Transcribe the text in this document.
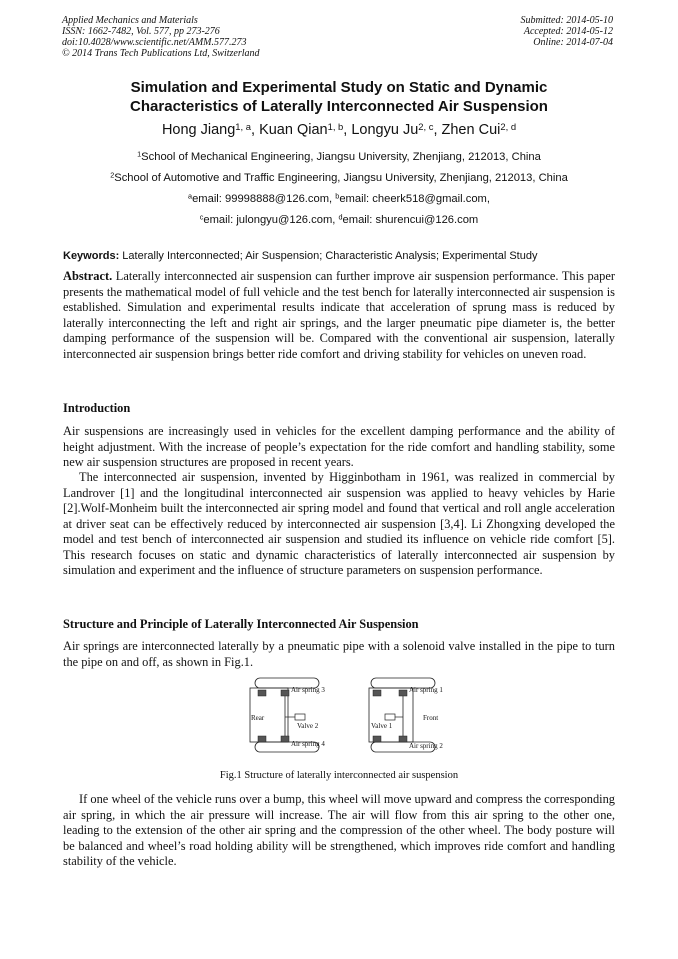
Applied Mechanics and Materials
ISSN: 1662-7482, Vol. 577, pp 273-276
doi:10.4028/www.scientific.net/AMM.577.273
© 2014 Trans Tech Publications Ltd, Switzerland
Submitted: 2014-05-10
Accepted: 2014-05-12
Online: 2014-07-04
Simulation and Experimental Study on Static and Dynamic
Characteristics of Laterally Interconnected Air Suspension
Hong Jiang$^{1, a}$, Kuan Qian$^{1, b}$, Longyu Ju$^{2, c}$, Zhen Cui$^{2, d}$
$^1$School of Mechanical Engineering, Jiangsu University, Zhenjiang, 212013, China
$^2$School of Automotive and Traffic Engineering, Jiangsu University, Zhenjiang, 212013, China
$^a$email: 99998888@126.com, $^b$email: cheerk518@gmail.com,
$^c$email: julongyu@126.com, $^d$email: shurencui@126.com
Keywords: Laterally Interconnected; Air Suspension; Characteristic Analysis; Experimental Study
Abstract. Laterally interconnected air suspension can further improve air suspension performance. This paper presents the mathematical model of full vehicle and the test bench for laterally interconnected air suspension is established. Simulation and experimental results indicate that acceleration of sprung mass is reduced by laterally interconnecting the left and right air springs, and the larger pneumatic pipe diameter is, the better damping performance of the suspension will be. Compared with the conventional air suspension, laterally interconnected air suspension brings better ride comfort and driving stability for vehicles on uneven road.
Introduction
Air suspensions are increasingly used in vehicles for the excellent damping performance and the ability of height adjustment. With the increase of people’s expectation for the ride comfort and handling stability, some new air suspension structures are proposed in recent years.
The interconnected air suspension, invented by Higginbotham in 1961, was realized in commercial by Landrover [1] and the longitudinal interconnected air suspension was applied to heavy vehicles by Harie [2].Wolf-Monheim built the interconnected air spring model and found that vertical and roll angle acceleration at driver seat can be effectively reduced by interconnected air suspension [3,4]. Li Zhongxing developed the model and test bench of interconnected air suspension and studied its influence on vehicle ride comfort [5]. This research focuses on static and dynamic characteristics of laterally interconnected air suspension by simulation and experiment and the influence of structure parameters on suspension performance.
Structure and Principle of Laterally Interconnected Air Suspension
Air springs are interconnected laterally by a pneumatic pipe with a solenoid valve installed in the pipe to turn the pipe on and off, as shown in Fig.1.
Air spring 3
Air spring 4
Valve 2
Rear
Air spring 1
Air spring 2
Valve 1
Front
Fig.1 Structure of laterally interconnected air suspension
If one wheel of the vehicle runs over a bump, this wheel will move upward and compress the corresponding air spring, in which the air pressure will increase. The air will flow from this air spring to the other one, leading to the extension of the other air spring and the compression of the other wheel. The body posture will be balanced and wheel’s road holding ability will be strengthened, which improves ride comfort and handling stability of the vehicle.
